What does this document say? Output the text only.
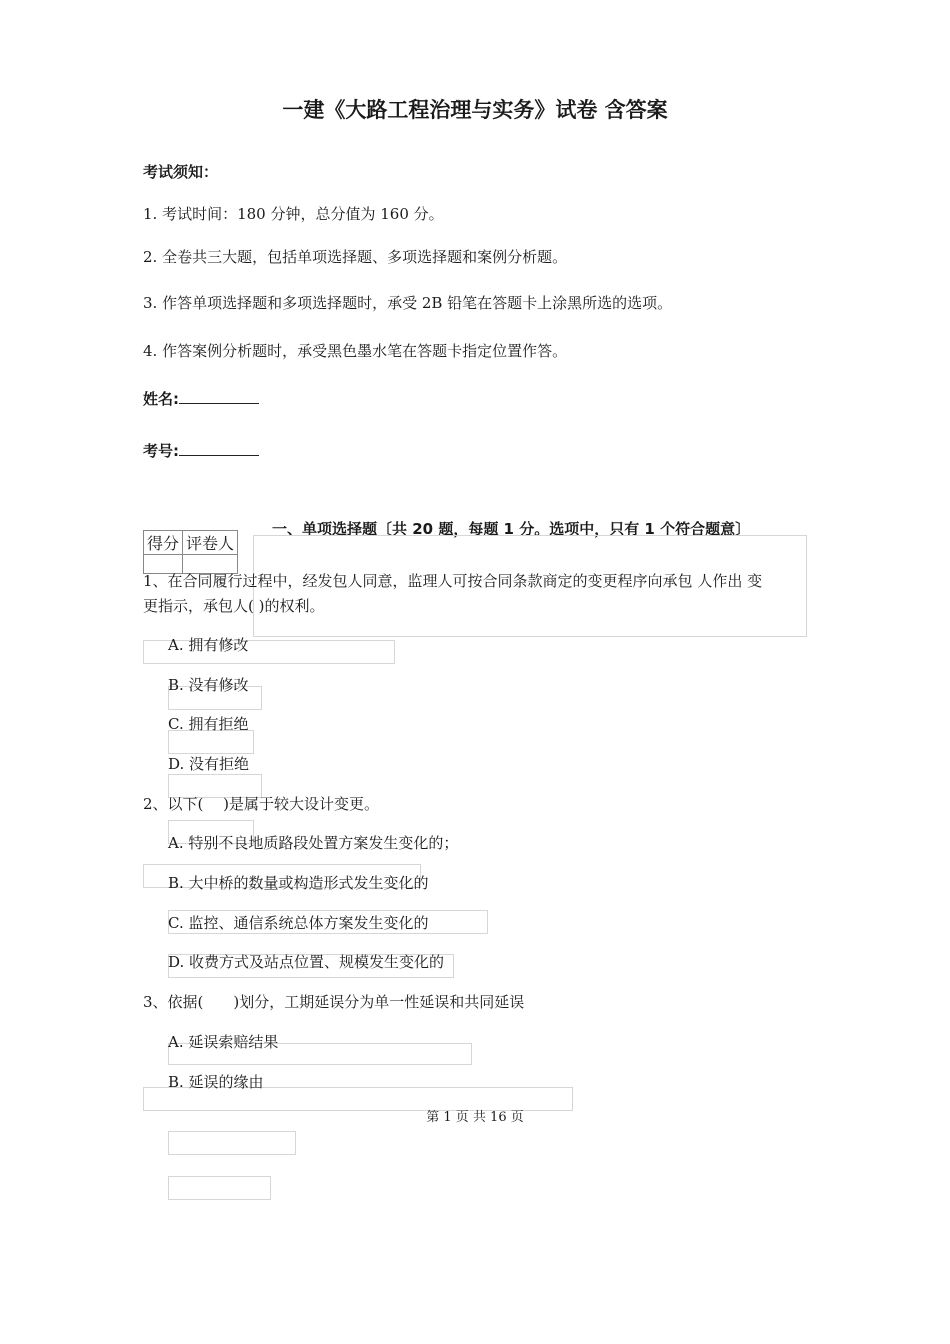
一建《大路工程治理与实务》试卷 含答案
考试须知：
1. 考试时间：180 分钟，总分值为 160 分。
2. 全卷共三大题，包括单项选择题、多项选择题和案例分析题。
3. 作答单项选择题和多项选择题时，承受 2B 铅笔在答题卡上涂黑所选的选项。
4. 作答案例分析题时，承受黑色墨水笔在答题卡指定位置作答。
姓名:
考号:
一、单项选择题〔共 20 题，每题 1 分。选项中，只有 1 个符合题意〕
得分	评卷人

1、在合同履行过程中，经发包人同意，监理人可按合同条款商定的变更程序向承包 人作出 变
更指示，承包人( )的权利。
A. 拥有修改
B. 没有修改
C. 拥有拒绝
D. 没有拒绝
2、以下(　 )是属于较大设计变更。
A. 特别不良地质路段处置方案发生变化的；
B. 大中桥的数量或构造形式发生变化的
C. 监控、通信系统总体方案发生变化的
D. 收费方式及站点位置、规模发生变化的
3、依据(　　)划分，工期延误分为单一性延误和共同延误
A. 延误索赔结果
B. 延误的缘由
第 1 页 共 16 页
